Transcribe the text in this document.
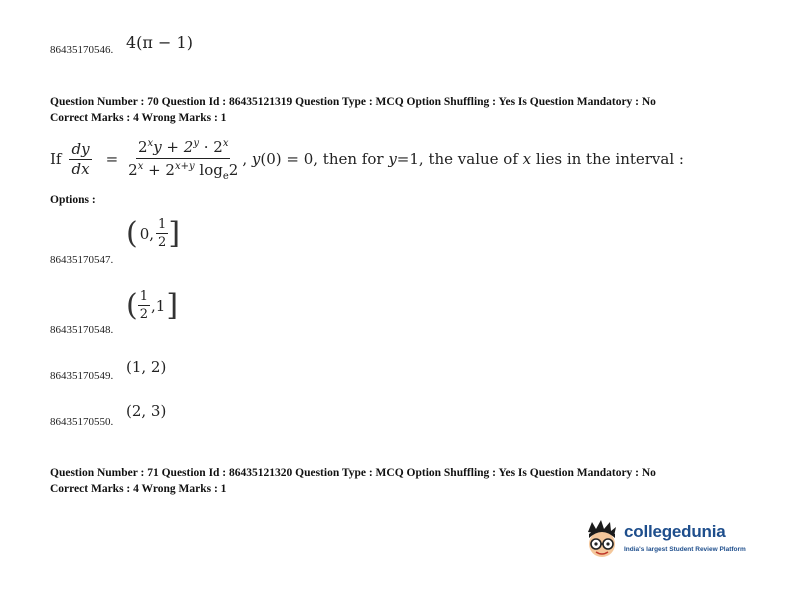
86435170546. 4(π − 1)
Question Number : 70 Question Id : 86435121319 Question Type : MCQ Option Shuffling : Yes Is Question Mandatory : No
Correct Marks : 4 Wrong Marks : 1
If $\frac{dy}{dx} = \frac{2^xy + 2^y \cdot 2^x}{2^x + 2^{x+y} \log_e2}$ , y(0) = 0, then for y=1, the value of x lies in the interval :
Options :
86435170547.
( 0, $\frac{1}{2}$ ]
86435170548.
( $\frac{1}{2} ,1$ ]
86435170549. (1, 2)
86435170550.
(2, 3)
Question Number : 71 Question Id : 86435121320 Question Type : MCQ Option Shuffling : Yes Is Question Mandatory : No
Correct Marks : 4 Wrong Marks : 1
collegedunia
India's largest Student Review Platform
